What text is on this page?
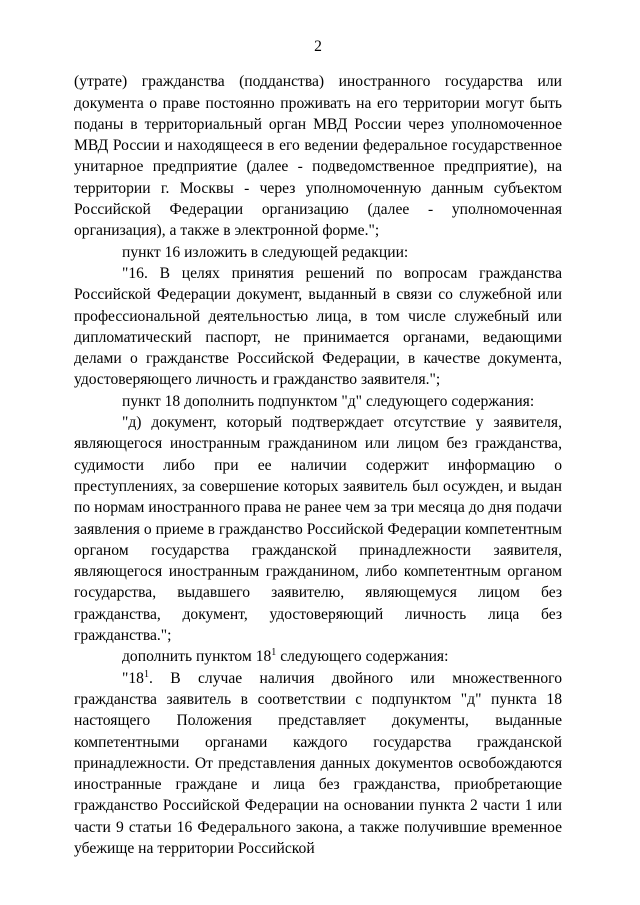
2

(утрате) гражданства (подданства) иностранного государства или документа о праве постоянно проживать на его территории могут быть поданы в территориальный орган МВД России через уполномоченное МВД России и находящееся в его ведении федеральное государственное унитарное предприятие (далее - подведомственное предприятие), на территории г. Москвы - через уполномоченную данным субъектом Российской Федерации организацию (далее - уполномоченная организация), а также в электронной форме.";

пункт 16 изложить в следующей редакции:

"16. В целях принятия решений по вопросам гражданства Российской Федерации документ, выданный в связи со служебной или профессиональной деятельностью лица, в том числе служебный или дипломатический паспорт, не принимается органами, ведающими делами о гражданстве Российской Федерации, в качестве документа, удостоверяющего личность и гражданство заявителя.";

пункт 18 дополнить подпунктом "д" следующего содержания:

"д) документ, который подтверждает отсутствие у заявителя, являющегося иностранным гражданином или лицом без гражданства, судимости либо при ее наличии содержит информацию о преступлениях, за совершение которых заявитель был осужден, и выдан по нормам иностранного права не ранее чем за три месяца до дня подачи заявления о приеме в гражданство Российской Федерации компетентным органом государства гражданской принадлежности заявителя, являющегося иностранным гражданином, либо компетентным органом государства, выдавшего заявителю, являющемуся лицом без гражданства, документ, удостоверяющий личность лица без гражданства.";

дополнить пунктом $18^1$ следующего содержания:

"$18^1$. В случае наличия двойного или множественного гражданства заявитель в соответствии с подпунктом "д" пункта 18 настоящего Положения представляет документы, выданные компетентными органами каждого государства гражданской принадлежности. От представления данных документов освобождаются иностранные граждане и лица без гражданства, приобретающие гражданство Российской Федерации на основании пункта 2 части 1 или части 9 статьи 16 Федерального закона, а также получившие временное убежище на территории Российской
